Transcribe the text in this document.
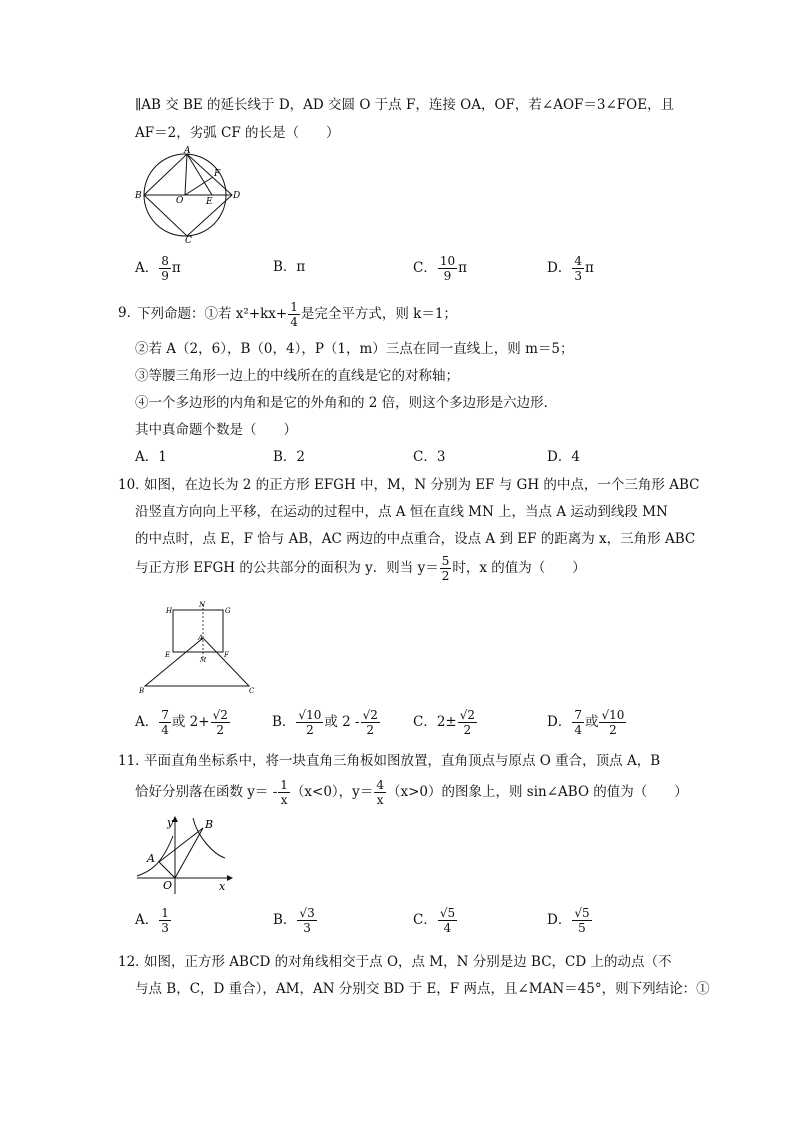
∥AB 交 BE 的延长线于 D，AD 交圆 O 于点 F，连接 OA，OF，若∠AOF＝3∠FOE，且
AF＝2，劣弧 CF 的长是（　　）
A
B
C
D
E
F
O
A． $\frac{8}{9}$ π	B．π	C． $\frac{10}{9}$ π	D． $\frac{4}{3}$ π
9．
下列命题：①若 $x^2+kx+ \frac{1}{4}$ 是完全平方式，则 k＝1；
②若 A（2，6），B（0，4），P（1，m）三点在同一直线上，则 m＝5；
③等腰三角形一边上的中线所在的直线是它的对称轴；
④一个多边形的内角和是它的外角和的 2 倍，则这个多边形是六边形．
其中真命题个数是（　　）
A．1	B．2	C．3	D．4
10．
如图，在边长为 2 的正方形 EFGH 中，M，N 分别为 EF 与 GH 的中点，一个三角形 ABC
沿竖直方向向上平移，在运动的过程中，点 A 恒在直线 MN 上，当点 A 运动到线段 MN
的中点时，点 E，F 恰与 AB，AC 两边的中点重合，设点 A 到 EF 的距离为 x，三角形 ABC
与正方形 EFGH 的公共部分的面积为 y．则当 $y= \frac{5}{2}$ 时，x 的值为（　　）
H
N
G
A
E
M
F
B	C
A． $\frac{7}{4}$ 或 $2+ \frac{√2}{2}$	B． $\frac{√10}{2}$ 或 $2 - \frac{√2}{2}$ C．$2\pm \frac{√2}{2}$	D． $\frac{7}{4}$ 或 $\frac{√10}{2}$
11．
平面直角坐标系中，将一块直角三角板如图放置，直角顶点与原点 O 重合，顶点 A，B
恰好分别落在函数 $y= - \frac{1}{x} (x<0)$，$y= \frac{4}{x} (x>0)$的图象上，则 sin∠ABO 的值为（　　）
y
x
O
A
B
A． $\frac{1}{3}$	B． $\frac{√3}{3}$	C． $\frac{√5}{4}$	D． $\frac{√5}{5}$
12．
如图，正方形 ABCD 的对角线相交于点 O，点 M，N 分别是边 BC，CD 上的动点（不
与点 B，C，D 重合），AM，AN 分别交 BD 于 E，F 两点，且∠MAN＝45°，则下列结论：①
